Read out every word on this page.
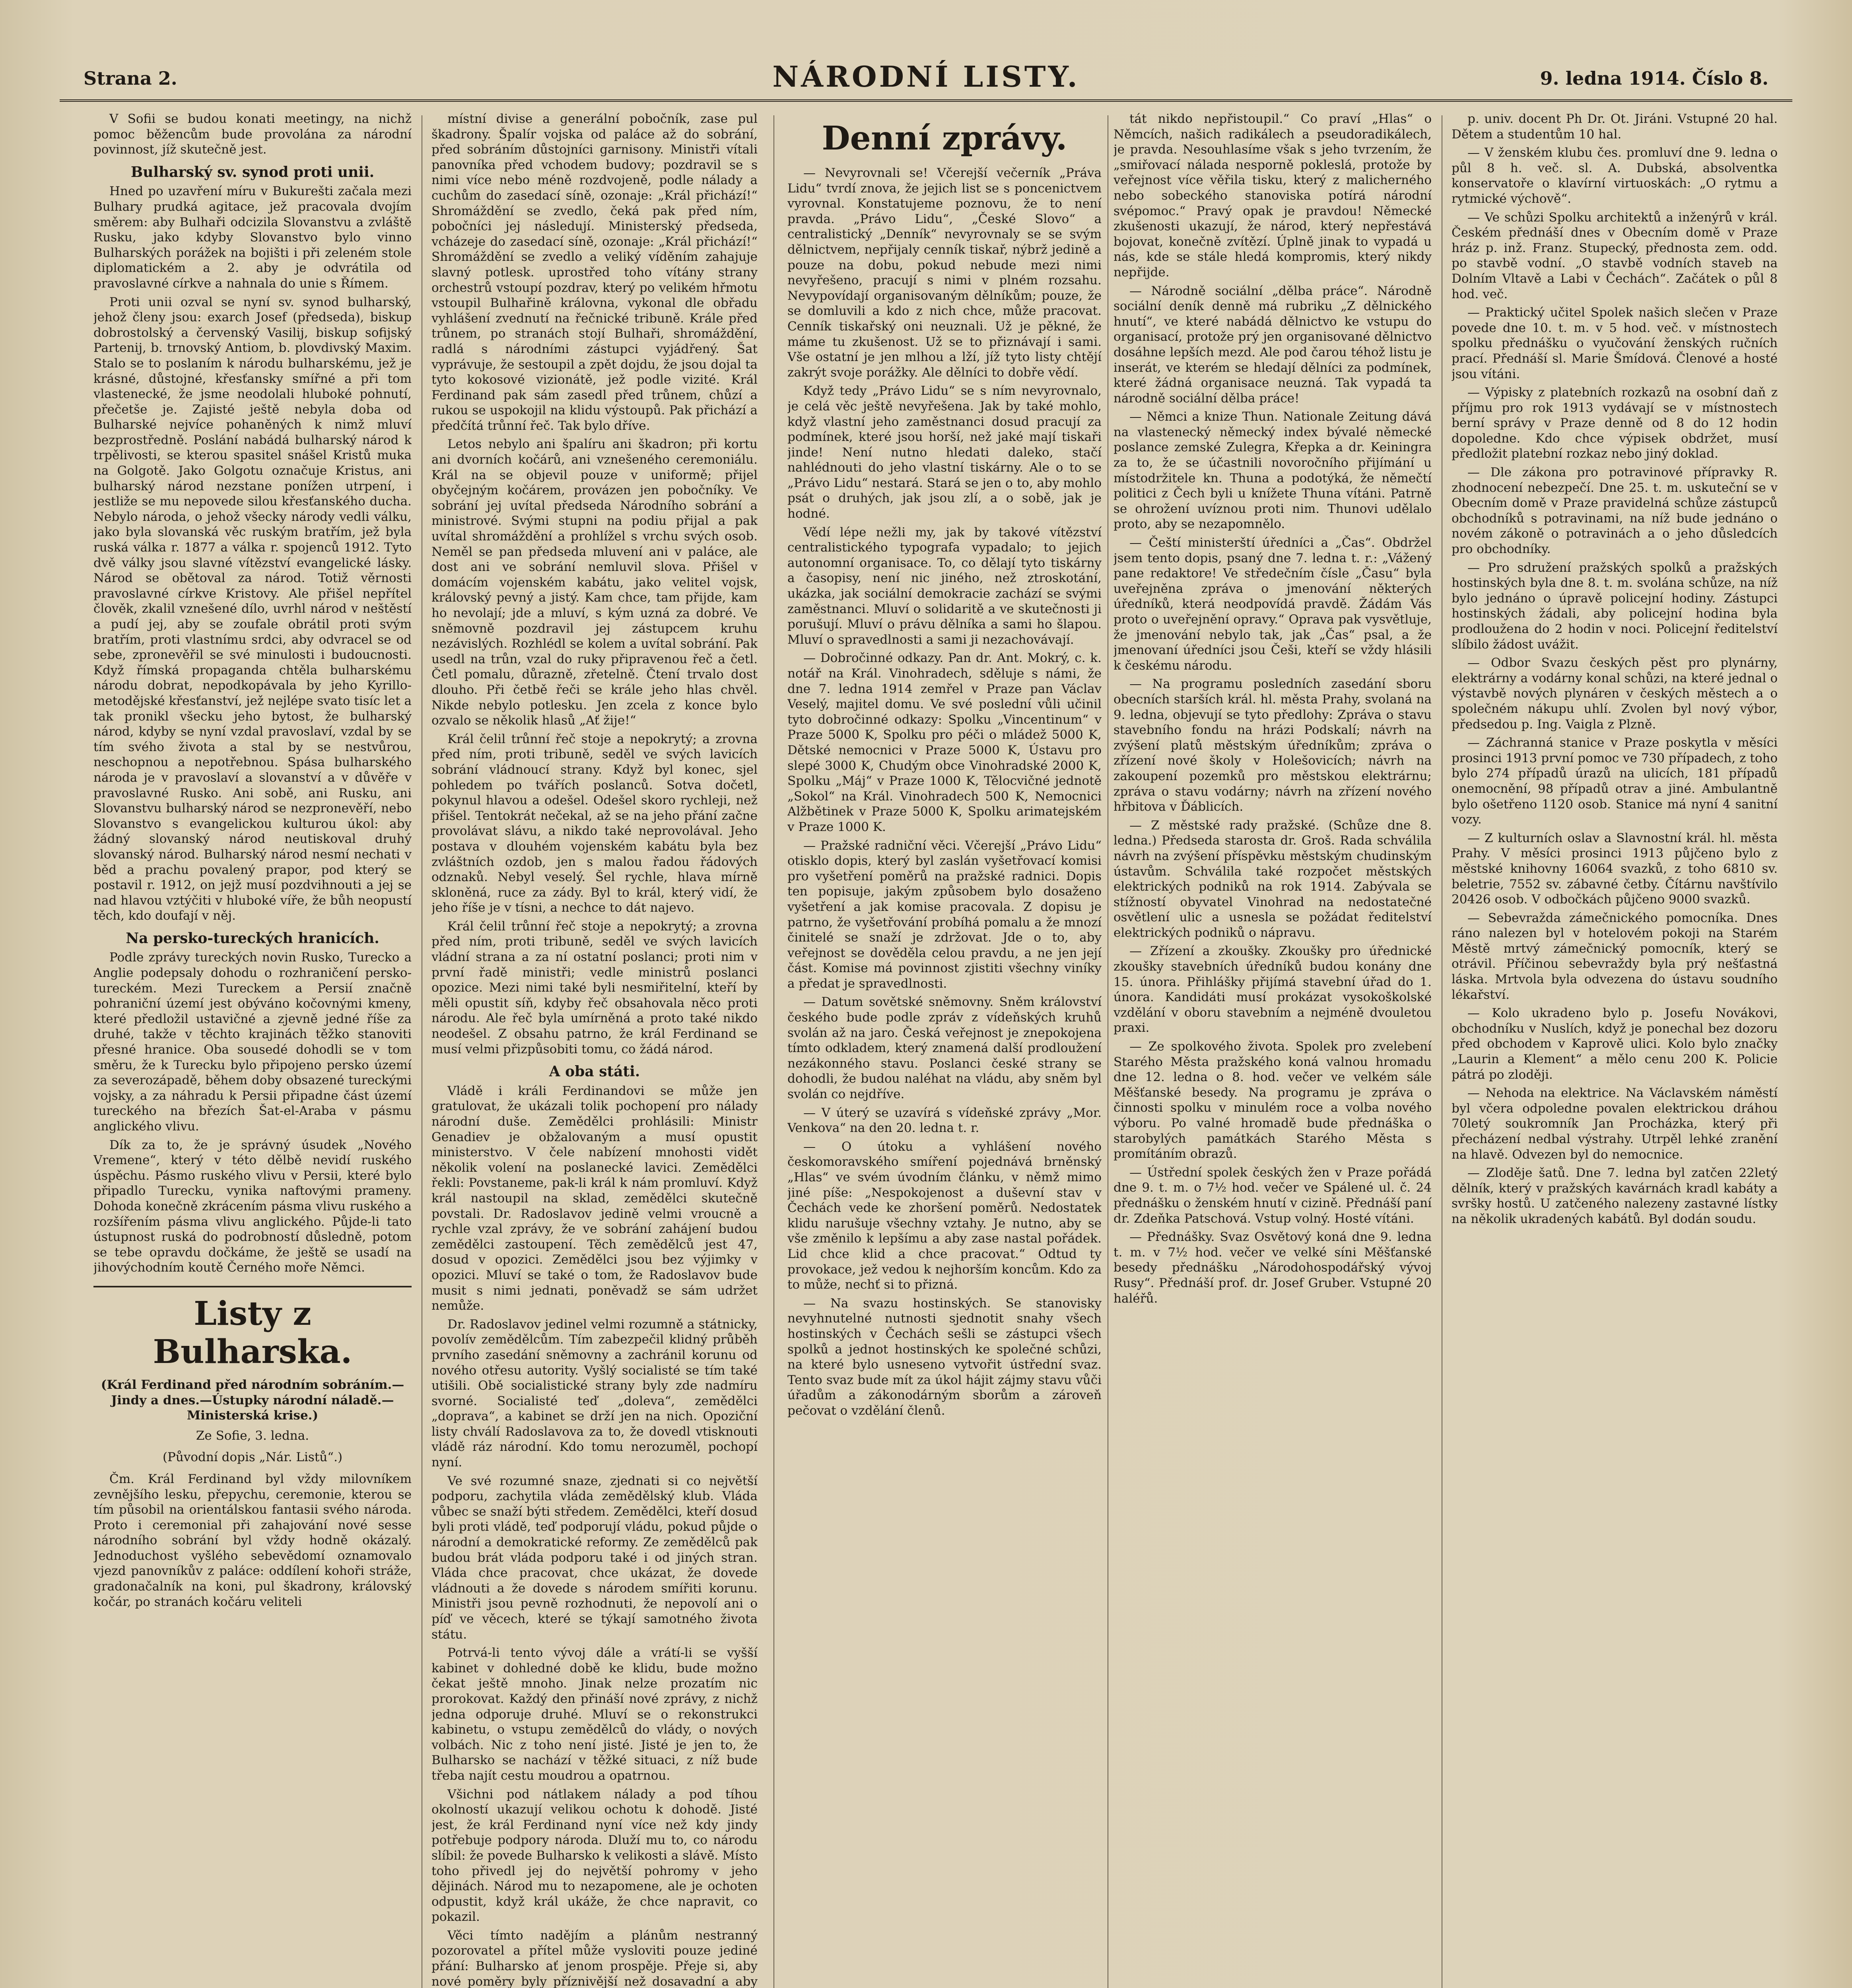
Strana 2.	NÁRODNÍ LISTY.	9. ledna 1914. Číslo 8.

V Sofii se budou konati meetingy, na nichž pomoc běžencům bude provolána za národní povinnost, jíž skutečně jest.

Bulharský sv. synod proti unii.

Hned po uzavření míru v Bukurešti začala mezi Bulhary prudká agitace, jež pracovala dvojím směrem: aby Bulhaři odcizila Slovanstvu a zvláště Rusku, jako kdyby Slovanstvo bylo vinno Bulharských porážek na bojišti i při zeleném stole diplomatickém a 2. aby je odvrátila od pravoslavné církve a nahnala do unie s Římem.

Proti unii ozval se nyní sv. synod bulharský, jehož členy jsou: exarch Josef (předseda), biskup dobrostolský a červenský Vasilij, biskup sofijský Partenij, b. trnovský Antiom, b. plovdivský Maxim. Stalo se to poslaním k národu bulharskému, jež je krásné, důstojné, křesťansky smířné a při tom vlastenecké, že jsme neodolali hluboké pohnutí, přečetše je. Zajisté ještě nebyla doba od Bulharské nejvíce pohaněných k nimž mluví bezprostředně. Poslání nabádá bulharský národ k trpělivosti, se kterou spasitel snášel Kristů muka na Golgotě. Jako Golgotu označuje Kristus, ani bulharský národ nezstane ponížen utrpení, i jestliže se mu nepovede silou křesťanského ducha. Nebylo národa, o jehož všecky národy vedli válku, jako byla slovanská věc ruským bratřím, jež byla ruská válka r. 1877 a válka r. spojenců 1912. Tyto dvě války jsou slavné vítězství evangelické lásky. Národ se obětoval za národ. Totiž věrnosti pravoslavné církve Kristovy. Ale přišel nepřítel člověk, zkalil vznešené dílo, uvrhl národ v neštěstí a pudí jej, aby se zoufale obrátil proti svým bratřím, proti vlastnímu srdci, aby odvracel se od sebe, zpronevěřil se své minulosti i budoucnosti. Když římská propaganda chtěla bulharskému národu dobrat, nepodkopávala by jeho Kyrillo-metodějské křesťanství, jež nejlépe svato tisíc let a tak pronikl všecku jeho bytost, že bulharský národ, kdyby se nyní vzdal pravoslaví, vzdal by se tím svého života a stal by se nestvůrou, neschopnou a nepotřebnou. Spása bulharského národa je v pravoslaví a slovanství a v důvěře v pravoslavné Rusko. Ani sobě, ani Rusku, ani Slovanstvu bulharský národ se nezpronevěří, nebo Slovanstvo s evangelickou kulturou úkol: aby žádný slovanský národ neutiskoval druhý slovanský národ. Bulharský národ nesmí nechati v běd a prachu povalený prapor, pod který se postavil r. 1912, on jejž musí pozdvihnouti a jej se nad hlavou vztýčiti v hluboké víře, že bůh neopustí těch, kdo doufají v něj.

Na persko-tureckých hranicích.

Podle zprávy tureckých novin Rusko, Turecko a Anglie podepsaly dohodu o rozhraničení persko-tureckém. Mezi Tureckem a Persií značně pohraniční území jest obýváno kočovnými kmeny, které předložil ustavičné a zjevně jedné říše za druhé, takže v těchto krajinách těžko stanoviti přesné hranice. Oba sousedé dohodli se v tom směru, že k Turecku bylo připojeno persko území za severozápadě, během doby obsazené tureckými vojsky, a za náhradu k Persii připadne část území tureckého na březích Šat-el-Araba v pásmu anglického vlivu.

Dík za to, že je správný úsudek „Nového Vremene“, který v této dělbě nevidí ruského úspěchu. Pásmo ruského vlivu v Persii, které bylo připadlo Turecku, vynika naftovými prameny. Dohoda konečně zkrácením pásma vlivu ruského a rozšířením pásma vlivu anglického. Půjde-li tato ústupnost ruská do podrobností důsledně, potom se tebe opravdu dočkáme, že ještě se usadí na jihovýchodním koutě Černého moře Němci.

Listy z Bulharska.

(Král Ferdinand před národním sobráním.— Jindy a dnes.—Ústupky národní náladě.— Ministerská krise.)

Ze Sofie, 3. ledna.

(Původní dopis „Nár. Listů“.)

Čm. Král Ferdinand byl vždy milovníkem zevnějšího lesku, přepychu, ceremonie, kterou se tím působil na orientálskou fantasii svého národa. Proto i ceremonial při zahajování nové sesse národního sobrání byl vždy hodně okázalý. Jednoduchost vyšlého sebevědomí oznamovalo vjezd panovníkův z paláce: oddílení kohoři stráže, gradonačalník na koni, pul škadrony, královský kočár, po stranách kočáru veliteli

místní divise a generální pobočník, zase pul škadrony. Špalír vojska od paláce až do sobrání, před sobráním důstojníci garnisony. Ministři vítali panovníka před vchodem budovy; pozdravil se s nimi více nebo méně rozdvojeně, podle nálady a cuchům do zasedací síně, ozonaje: „Král přichází!“ Shromáždění se zvedlo, čeká pak před ním, pobočníci jej následují. Ministerský předseda, vcházeje do zasedací síně, ozonaje: „Král přichází!“ Shromáždění se zvedlo a veliký víděním zahajuje slavný potlesk. uprostřed toho vítány strany orchestrů vstoupí pozdrav, který po velikém hřmotu vstoupil Bulhařině královna, vykonal dle obřadu vyhlášení zvednutí na řečnické tribuně. Krále před trůnem, po stranách stojí Bulhaři, shromáždění, radlá s národními zástupci vyjádřený. Šat vyprávuje, že sestoupil a zpět dojdu, že jsou dojal ta tyto kokosové vizionátě, jež podle vizité. Král Ferdinand pak sám zasedl před trůnem, chůzí a rukou se uspokojil na klidu výstoupů. Pak přichází a předčítá trůnní řeč. Tak bylo dříve.

Letos nebylo ani špalíru ani škadron; při kortu ani dvorních kočárů, ani vznešeného ceremoniálu. Král na se objevil pouze v uniformě; přijel obyčejným kočárem, provázen jen pobočníky. Ve sobrání jej uvítal předseda Národního sobrání a ministrové. Svými stupni na podiu přijal a pak uvítal shromáždění a prohlížel s vrchu svých osob. Neměl se pan předseda mluvení ani v paláce, ale dost ani ve sobrání nemluvil slova. Přišel v domácím vojenském kabátu, jako velitel vojsk, královský pevný a jistý. Kam chce, tam přijde, kam ho nevolají; jde a mluví, s kým uzná za dobré. Ve sněmovně pozdravil jej zástupcem kruhu nezávislých. Rozhlédl se kolem a uvítal sobrání. Pak usedl na trůn, vzal do ruky připravenou řeč a četl. Četl pomalu, důrazně, zřetelně. Čtení trvalo dost dlouho. Při četbě řeči se krále jeho hlas chvěl. Nikde nebylo potlesku. Jen zcela z konce bylo ozvalo se několik hlasů „Ať žije!“

Král čelil trůnní řeč stoje a nepokrytý; a zrovna před ním, proti tribuně, seděl ve svých lavicích sobrání vládnoucí strany. Když byl konec, sjel pohledem po tvářích poslanců. Sotva dočetl, pokynul hlavou a odešel. Odešel skoro rychleji, než přišel. Tentokrát nečekal, až se na jeho přání začne provolávat slávu, a nikdo také neprovolával. Jeho postava v dlouhém vojenském kabátu byla bez zvláštních ozdob, jen s malou řadou řádových odznaků. Nebyl veselý. Šel rychle, hlava mírně skloněná, ruce za zády. Byl to král, který vidí, že jeho říše je v tísni, a nechce to dát najevo.

Král čelil trůnní řeč stoje a nepokrytý; a zrovna před ním, proti tribuně, seděl ve svých lavicích vládní strana a za ní ostatní poslanci; proti nim v první řadě ministři; vedle ministrů poslanci opozice. Mezi nimi také byli nesmiřitelní, kteří by měli opustit síň, kdyby řeč obsahovala něco proti národu. Ale řeč byla umírněná a proto také nikdo neodešel. Z obsahu patrno, že král Ferdinand se musí velmi přizpůsobiti tomu, co žádá národ.

A oba státi.

Vládě i králi Ferdinandovi se může jen gratulovat, že ukázali tolik pochopení pro nálady národní duše. Zemědělci prohlásili: Ministr Genadiev je obžalovaným a musí opustit ministerstvo. V čele nabízení mnohosti vidět několik volení na poslanecké lavici. Zemědělci řekli: Povstaneme, pak-li král k nám promluví. Když král nastoupil na sklad, zemědělci skutečně povstali. Dr. Radoslavov jedině velmi vroucně a rychle vzal zprávy, že ve sobrání zahájení budou zemědělci zastoupení. Těch zemědělců jest 47, dosud v opozici. Zemědělci jsou bez výjimky v opozici. Mluví se také o tom, že Radoslavov bude musit s nimi jednati, poněvadž se sám udržet nemůže.

Dr. Radoslavov jedinel velmi rozumně a státnicky, povolív zemědělcům. Tím zabezpečil klidný průběh prvního zasedání sněmovny a zachránil korunu od nového otřesu autority. Vyšlý socialisté se tím také utišili. Obě socialistické strany byly zde nadmíru svorné. Socialisté teď „doleva“, zemědělci „doprava“, a kabinet se drží jen na nich. Opoziční listy chválí Radoslavova za to, že dovedl vtisknouti vládě ráz národní. Kdo tomu nerozuměl, pochopí nyní.

Ve své rozumné snaze, zjednati si co největší podporu, zachytila vláda zemědělský klub. Vláda vůbec se snaží býti středem. Zemědělci, kteří dosud byli proti vládě, teď podporují vládu, pokud půjde o národní a demokratické reformy. Ze zemědělců pak budou brát vláda podporu také i od jiných stran. Vláda chce pracovat, chce ukázat, že dovede vládnouti a že dovede s národem smířiti korunu. Ministři jsou pevně rozhodnuti, že nepovolí ani o píď ve věcech, které se týkají samotného života státu.

Potrvá-li tento vývoj dále a vrátí-li se vyšší kabinet v dohledné době ke klidu, bude možno čekat ještě mnoho. Jinak nelze prozatím nic prorokovat. Každý den přináší nové zprávy, z nichž jedna odporuje druhé. Mluví se o rekonstrukci kabinetu, o vstupu zemědělců do vlády, o nových volbách. Nic z toho není jisté. Jisté je jen to, že Bulharsko se nachází v těžké situaci, z níž bude třeba najít cestu moudrou a opatrnou.

Všichni pod nátlakem nálady a pod tíhou okolností ukazují velikou ochotu k dohodě. Jisté jest, že král Ferdinand nyní více než kdy jindy potřebuje podpory národa. Dluží mu to, co národu slíbil: že povede Bulharsko k velikosti a slávě. Místo toho přivedl jej do největší pohromy v jeho dějinách. Národ mu to nezapomene, ale je ochoten odpustit, když král ukáže, že chce napravit, co pokazil.

Věci tímto nadějím a plánům nestranný pozorovatel a přítel může vysloviti pouze jediné přání: Bulharsko ať jenom prospěje. Přeje si, aby nové poměry byly příznivější než dosavadní a aby

Denní zprávy.

— Nevyrovnali se! Včerejší večerník „Práva Lidu“ tvrdí znova, že jejich list se s poncenictvem vyrovnal. Konstatujeme poznovu, že to není pravda. „Právo Lidu“, „České Slovo“ a centralistický „Denník“ nevyrovnaly se se svým dělnictvem, nepřijaly cenník tiskař, nýbrž jedině a pouze na dobu, pokud nebude mezi nimi nevyřešeno, pracují s nimi v plném rozsahu. Nevypovídají organisovaným dělníkům; pouze, že se domluvili a kdo z nich chce, může pracovat. Cenník tiskařský oni neuznali. Už je pěkné, že máme tu zkušenost. Už se to přiznávají i sami. Vše ostatní je jen mlhou a lží, jíž tyto listy chtějí zakrýt svoje porážky. Ale dělníci to dobře vědí.

Když tedy „Právo Lidu“ se s ním nevyrovnalo, je celá věc ještě nevyřešena. Jak by také mohlo, když vlastní jeho zaměstnanci dosud pracují za podmínek, které jsou horší, než jaké mají tiskaři jinde! Není nutno hledati daleko, stačí nahlédnouti do jeho vlastní tiskárny. Ale o to se „Právo Lidu“ nestará. Stará se jen o to, aby mohlo psát o druhých, jak jsou zlí, a o sobě, jak je hodné.

Vědí lépe nežli my, jak by takové vítězství centralistického typografa vypadalo; to jejich autonomní organisace. To, co dělají tyto tiskárny a časopisy, není nic jiného, než ztroskotání, ukázka, jak sociální demokracie zachází se svými zaměstnanci. Mluví o solidaritě a ve skutečnosti ji porušují. Mluví o právu dělníka a sami ho šlapou. Mluví o spravedlnosti a sami ji nezachovávají.

— Dobročinné odkazy. Pan dr. Ant. Mokrý, c. k. notář na Král. Vinohradech, sděluje s námi, že dne 7. ledna 1914 zemřel v Praze pan Václav Veselý, majitel domu. Ve své poslední vůli učinil tyto dobročinné odkazy: Spolku „Vincentinum“ v Praze 5000 K, Spolku pro péči o mládež 5000 K, Dětské nemocnici v Praze 5000 K, Ústavu pro slepé 3000 K, Chudým obce Vinohradské 2000 K, Spolku „Máj“ v Praze 1000 K, Tělocvičné jednotě „Sokol“ na Král. Vinohradech 500 K, Nemocnici Alžbětinek v Praze 5000 K, Spolku arimatejském v Praze 1000 K.

— Pražské radniční věci. Včerejší „Právo Lidu“ otisklo dopis, který byl zaslán vyšetřovací komisi pro vyšetření poměrů na pražské radnici. Dopis ten popisuje, jakým způsobem bylo dosaženo vyšetření a jak komise pracovala. Z dopisu je patrno, že vyšetřování probíhá pomalu a že mnozí činitelé se snaží je zdržovat. Jde o to, aby veřejnost se dověděla celou pravdu, a ne jen její část. Komise má povinnost zjistiti všechny viníky a předat je spravedlnosti.

— Datum sovětské sněmovny. Sněm království českého bude podle zpráv z vídeňských kruhů svolán až na jaro. Česká veřejnost je znepokojena tímto odkladem, který znamená další prodloužení nezákonného stavu. Poslanci české strany se dohodli, že budou naléhat na vládu, aby sněm byl svolán co nejdříve.

— V úterý se uzavírá s vídeňské zprávy „Mor. Venkova“ na den 20. ledna t. r.

— O útoku a vyhlášení nového českomoravského smíření pojednává brněnský „Hlas“ ve svém úvodním článku, v němž mimo jiné píše: „Nespokojenost a duševní stav v Čechách vede ke zhoršení poměrů. Nedostatek klidu narušuje všechny vztahy. Je nutno, aby se vše změnilo k lepšímu a aby zase nastal pořádek. Lid chce klid a chce pracovat.“ Odtud ty provokace, jež vedou k nejhorším koncům. Kdo za to může, nechť si to přizná.

— Na svazu hostinských. Se stanovisky nevyhnutelné nutnosti sjednotit snahy všech hostinských v Čechách sešli se zástupci všech spolků a jednot hostinských ke společné schůzi, na které bylo usneseno vytvořit ústřední svaz. Tento svaz bude mít za úkol hájit zájmy stavu vůči úřadům a zákonodárným sborům a zároveň pečovat o vzdělání členů.

tát nikdo nepřistoupil.“ Co praví „Hlas“ o Němcích, našich radikálech a pseudoradikálech, je pravda. Nesouhlasíme však s jeho tvrzením, že „smiřovací nálada nesporně pokleslá, protože by veřejnost více věřila tisku, který z malicherného nebo sobeckého stanoviska potírá národní svépomoc.“ Pravý opak je pravdou! Německé zkušenosti ukazují, že národ, který nepřestává bojovat, konečně zvítězí. Úplně jinak to vypadá u nás, kde se stále hledá kompromis, který nikdy nepřijde.

— Národně sociální „dělba práce“. Národně sociální deník denně má rubriku „Z dělnického hnutí“, ve které nabádá dělnictvo ke vstupu do organisací, protože prý jen organisované dělnictvo dosáhne lepších mezd. Ale pod čarou téhož listu je inserát, ve kterém se hledají dělníci za podmínek, které žádná organisace neuzná. Tak vypadá ta národně sociální dělba práce!

— Němci a knize Thun. Nationale Zeitung dává na vlastenecký německý index bývalé německé poslance zemské Zulegra, Křepka a dr. Keiningra za to, že se účastnili novoročního přijímání u místodržitele kn. Thuna a podotýká, že němečtí politici z Čech byli u knížete Thuna vítáni. Patrně se ohrožení uvíznou proti nim. Thunovi udělalo proto, aby se nezapomnělo.

— Čeští ministerští úředníci a „Čas“. Obdržel jsem tento dopis, psaný dne 7. ledna t. r.: „Vážený pane redaktore! Ve středečním čísle „Času“ byla uveřejněna zpráva o jmenování některých úředníků, která neodpovídá pravdě. Žádám Vás proto o uveřejnění opravy.“ Oprava pak vysvětluje, že jmenování nebylo tak, jak „Čas“ psal, a že jmenovaní úředníci jsou Češi, kteří se vždy hlásili k českému národu.

— Na programu posledních zasedání sboru obecních starších král. hl. města Prahy, svolaná na 9. ledna, objevují se tyto předlohy: Zpráva o stavu stavebního fondu na hrázi Podskalí; návrh na zvýšení platů městským úředníkům; zpráva o zřízení nové školy v Holešovicích; návrh na zakoupení pozemků pro městskou elektrárnu; zpráva o stavu vodárny; návrh na zřízení nového hřbitova v Ďáblicích.

— Z městské rady pražské. (Schůze dne 8. ledna.) Předseda starosta dr. Groš. Rada schválila návrh na zvýšení příspěvku městským chudinským ústavům. Schválila také rozpočet městských elektrických podniků na rok 1914. Zabývala se stížností obyvatel Vinohrad na nedostatečné osvětlení ulic a usnesla se požádat ředitelství elektrických podniků o nápravu.

— Zřízení a zkoušky. Zkoušky pro úřednické zkoušky stavebních úředníků budou konány dne 15. února. Přihlášky přijímá stavební úřad do 1. února. Kandidáti musí prokázat vysokoškolské vzdělání v oboru stavebním a nejméně dvouletou praxi.

— Ze spolkového života. Spolek pro zvelebení Starého Města pražského koná valnou hromadu dne 12. ledna o 8. hod. večer ve velkém sále Měšťanské besedy. Na programu je zpráva o činnosti spolku v minulém roce a volba nového výboru. Po valné hromadě bude přednáška o starobylých památkách Starého Města s promítáním obrazů.

— Ústřední spolek českých žen v Praze pořádá dne 9. t. m. o 7½ hod. večer ve Spálené ul. č. 24 přednášku o ženském hnutí v cizině. Přednáší paní dr. Zdeňka Patschová. Vstup volný. Hosté vítáni.

— Přednášky. Svaz Osvětový koná dne 9. ledna t. m. v 7½ hod. večer ve velké síni Měšťanské besedy přednášku „Národohospodářský vývoj Rusy“. Přednáší prof. dr. Josef Gruber. Vstupné 20 haléřů.

p. univ. docent Ph Dr. Ot. Jiráni. Vstupné 20 hal. Dětem a studentům 10 hal.

— V ženském klubu čes. promluví dne 9. ledna o půl 8 h. več. sl. A. Dubská, absolventka konservatoře o klavírní virtuoskách: „O rytmu a rytmické výchově“.

— Ve schůzi Spolku architektů a inženýrů v král. Českém přednáší dnes v Obecním domě v Praze hráz p. inž. Franz. Stupecký, přednosta zem. odd. po stavbě vodní. „O stavbě vodních staveb na Dolním Vltavě a Labi v Čechách“. Začátek o půl 8 hod. več.

— Praktický učitel Spolek našich slečen v Praze povede dne 10. t. m. v 5 hod. več. v místnostech spolku přednášku o vyučování ženských ručních prací. Přednáší sl. Marie Šmídová. Členové a hosté jsou vítáni.

— Výpisky z platebních rozkazů na osobní daň z příjmu pro rok 1913 vydávají se v místnostech berní správy v Praze denně od 8 do 12 hodin dopoledne. Kdo chce výpisek obdržet, musí předložit platební rozkaz nebo jiný doklad.

— Dle zákona pro potravinové přípravky R. zhodnocení nebezpečí. Dne 25. t. m. uskuteční se v Obecním domě v Praze pravidelná schůze zástupců obchodníků s potravinami, na níž bude jednáno o novém zákoně o potravinách a o jeho důsledcích pro obchodníky.

— Pro sdružení pražských spolků a pražských hostinských byla dne 8. t. m. svolána schůze, na níž bylo jednáno o úpravě policejní hodiny. Zástupci hostinských žádali, aby policejní hodina byla prodloužena do 2 hodin v noci. Policejní ředitelství slíbilo žádost uvážit.

— Odbor Svazu českých pěst pro plynárny, elektrárny a vodárny konal schůzi, na které jednal o výstavbě nových plynáren v českých městech a o společném nákupu uhlí. Zvolen byl nový výbor, předsedou p. Ing. Vaigla z Plzně.

— Záchranná stanice v Praze poskytla v měsíci prosinci 1913 první pomoc ve 730 případech, z toho bylo 274 případů úrazů na ulicích, 181 případů onemocnění, 98 případů otrav a jiné. Ambulantně bylo ošetřeno 1120 osob. Stanice má nyní 4 sanitní vozy.

— Z kulturních oslav a Slavnostní král. hl. města Prahy. V měsíci prosinci 1913 půjčeno bylo z městské knihovny 16064 svazků, z toho 6810 sv. beletrie, 7552 sv. zábavné četby. Čítárnu navštívilo 20426 osob. V odbočkách půjčeno 9000 svazků.

— Sebevražda zámečnického pomocníka. Dnes ráno nalezen byl v hotelovém pokoji na Starém Městě mrtvý zámečnický pomocník, který se otrávil. Příčinou sebevraždy byla prý nešťastná láska. Mrtvola byla odvezena do ústavu soudního lékařství.

— Kolo ukradeno bylo p. Josefu Novákovi, obchodníku v Nuslích, když je ponechal bez dozoru před obchodem v Kaprově ulici. Kolo bylo značky „Laurin a Klement“ a mělo cenu 200 K. Policie pátrá po zloději.

— Nehoda na elektrice. Na Václavském náměstí byl včera odpoledne povalen elektrickou dráhou 70letý soukromník Jan Procházka, který při přecházení nedbal výstrahy. Utrpěl lehké zranění na hlavě. Odvezen byl do nemocnice.

— Zloděje šatů. Dne 7. ledna byl zatčen 22letý dělník, který v pražských kavárnách kradl kabáty a svršky hostů. U zatčeného nalezeny zastavné lístky na několik ukradených kabátů. Byl dodán soudu.
